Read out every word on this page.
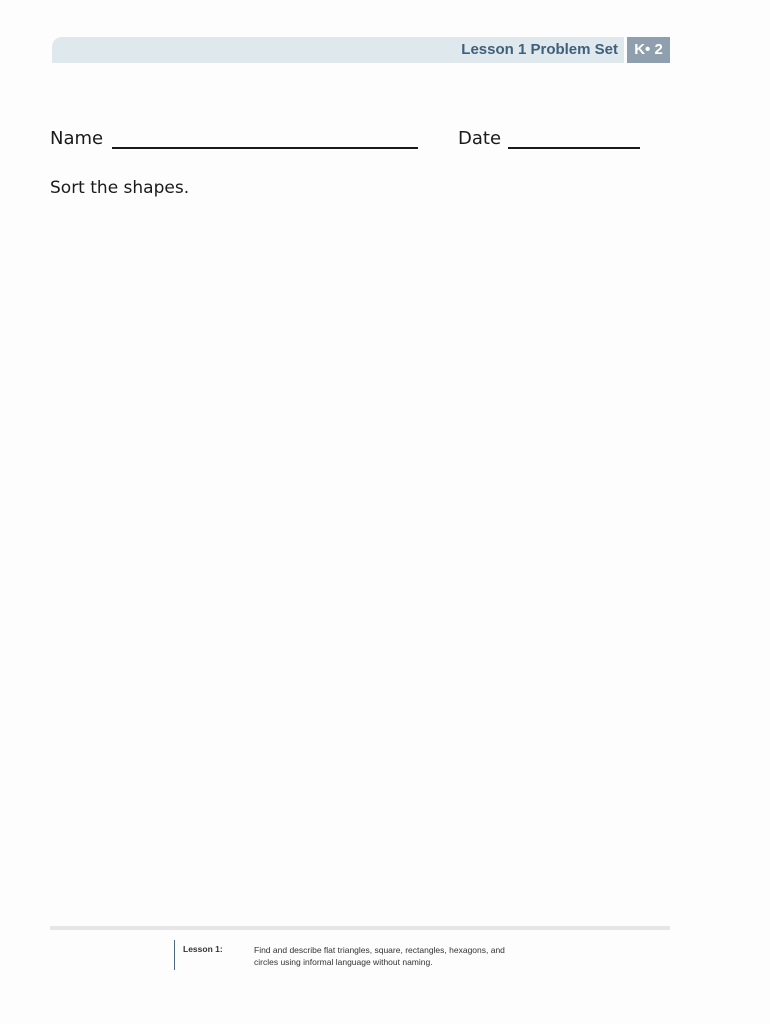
Lesson 1 Problem Set	K• 2
Name	Date
Sort the shapes.
Lesson 1:	Find and describe flat triangles, square, rectangles, hexagons, and
circles using informal language without naming.
